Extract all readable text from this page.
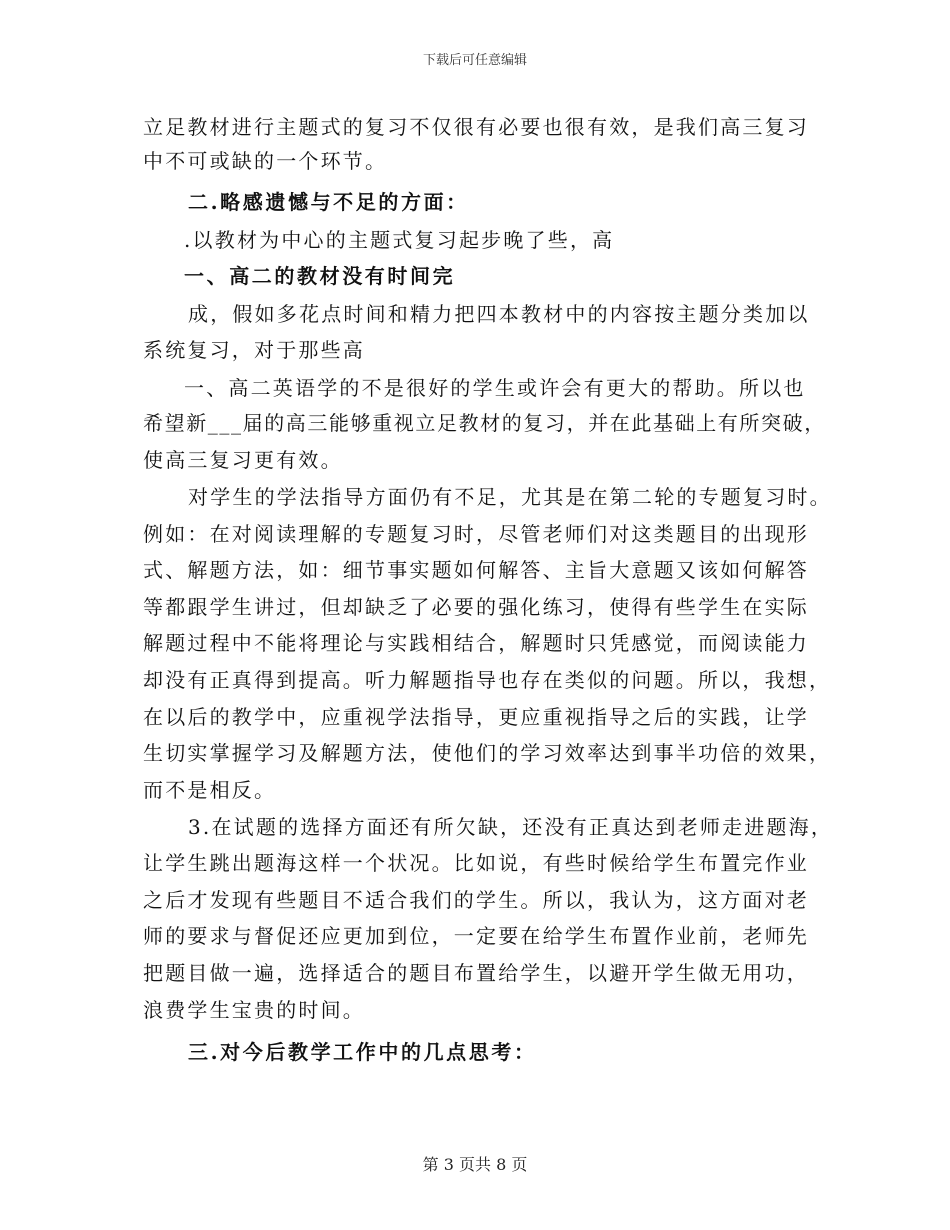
下载后可任意编辑
立足教材进行主题式的复习不仅很有必要也很有效，是我们高三复习
中不可或缺的一个环节。
二.略感遗憾与不足的方面：
.以教材为中心的主题式复习起步晚了些，高
一、高二的教材没有时间完
成，假如多花点时间和精力把四本教材中的内容按主题分类加以
系统复习，对于那些高
一、高二英语学的不是很好的学生或许会有更大的帮助。所以也
希望新___届的高三能够重视立足教材的复习，并在此基础上有所突破，
使高三复习更有效。
对学生的学法指导方面仍有不足，尤其是在第二轮的专题复习时。
例如：在对阅读理解的专题复习时，尽管老师们对这类题目的出现形
式、解题方法，如：细节事实题如何解答、主旨大意题又该如何解答
等都跟学生讲过，但却缺乏了必要的强化练习，使得有些学生在实际
解题过程中不能将理论与实践相结合，解题时只凭感觉，而阅读能力
却没有正真得到提高。听力解题指导也存在类似的问题。所以，我想，
在以后的教学中，应重视学法指导，更应重视指导之后的实践，让学
生切实掌握学习及解题方法，使他们的学习效率达到事半功倍的效果，
而不是相反。
3.在试题的选择方面还有所欠缺，还没有正真达到老师走进题海，
让学生跳出题海这样一个状况。比如说，有些时候给学生布置完作业
之后才发现有些题目不适合我们的学生。所以，我认为，这方面对老
师的要求与督促还应更加到位，一定要在给学生布置作业前，老师先
把题目做一遍，选择适合的题目布置给学生，以避开学生做无用功，
浪费学生宝贵的时间。
三.对今后教学工作中的几点思考：
第 3 页共 8 页
